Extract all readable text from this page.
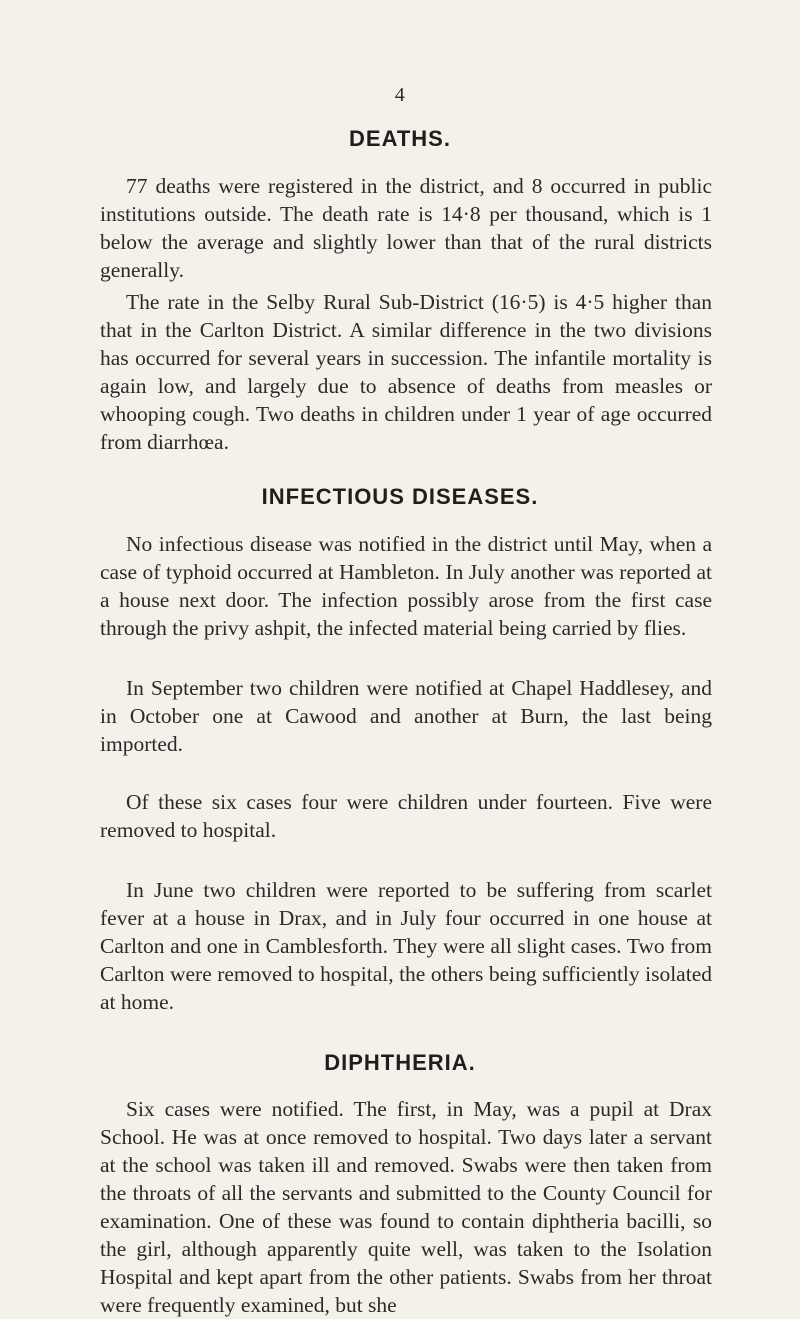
4
DEATHS.

77 deaths were registered in the district, and 8 occurred in public institutions outside. The death rate is 14·8 per thousand, which is 1 below the average and slightly lower than that of the rural districts generally.

The rate in the Selby Rural Sub-District (16·5) is 4·5 higher than that in the Carlton District. A similar difference in the two divisions has occurred for several years in succession. The infantile mortality is again low, and largely due to absence of deaths from measles or whooping cough. Two deaths in children under 1 year of age occurred from diarrhœa.

INFECTIOUS DISEASES.

No infectious disease was notified in the district until May, when a case of typhoid occurred at Hambleton. In July another was reported at a house next door. The infection possibly arose from the first case through the privy ashpit, the infected material being carried by flies.

In September two children were notified at Chapel Haddlesey, and in October one at Cawood and another at Burn, the last being imported.

Of these six cases four were children under fourteen. Five were removed to hospital.

In June two children were reported to be suffering from scarlet fever at a house in Drax, and in July four occurred in one house at Carlton and one in Camblesforth. They were all slight cases. Two from Carlton were removed to hospital, the others being sufficiently isolated at home.

DIPHTHERIA.

Six cases were notified. The first, in May, was a pupil at Drax School. He was at once removed to hospital. Two days later a servant at the school was taken ill and removed. Swabs were then taken from the throats of all the servants and submitted to the County Council for examination. One of these was found to contain diphtheria bacilli, so the girl, although apparently quite well, was taken to the Isolation Hospital and kept apart from the other patients. Swabs from her throat were frequently examined, but she
